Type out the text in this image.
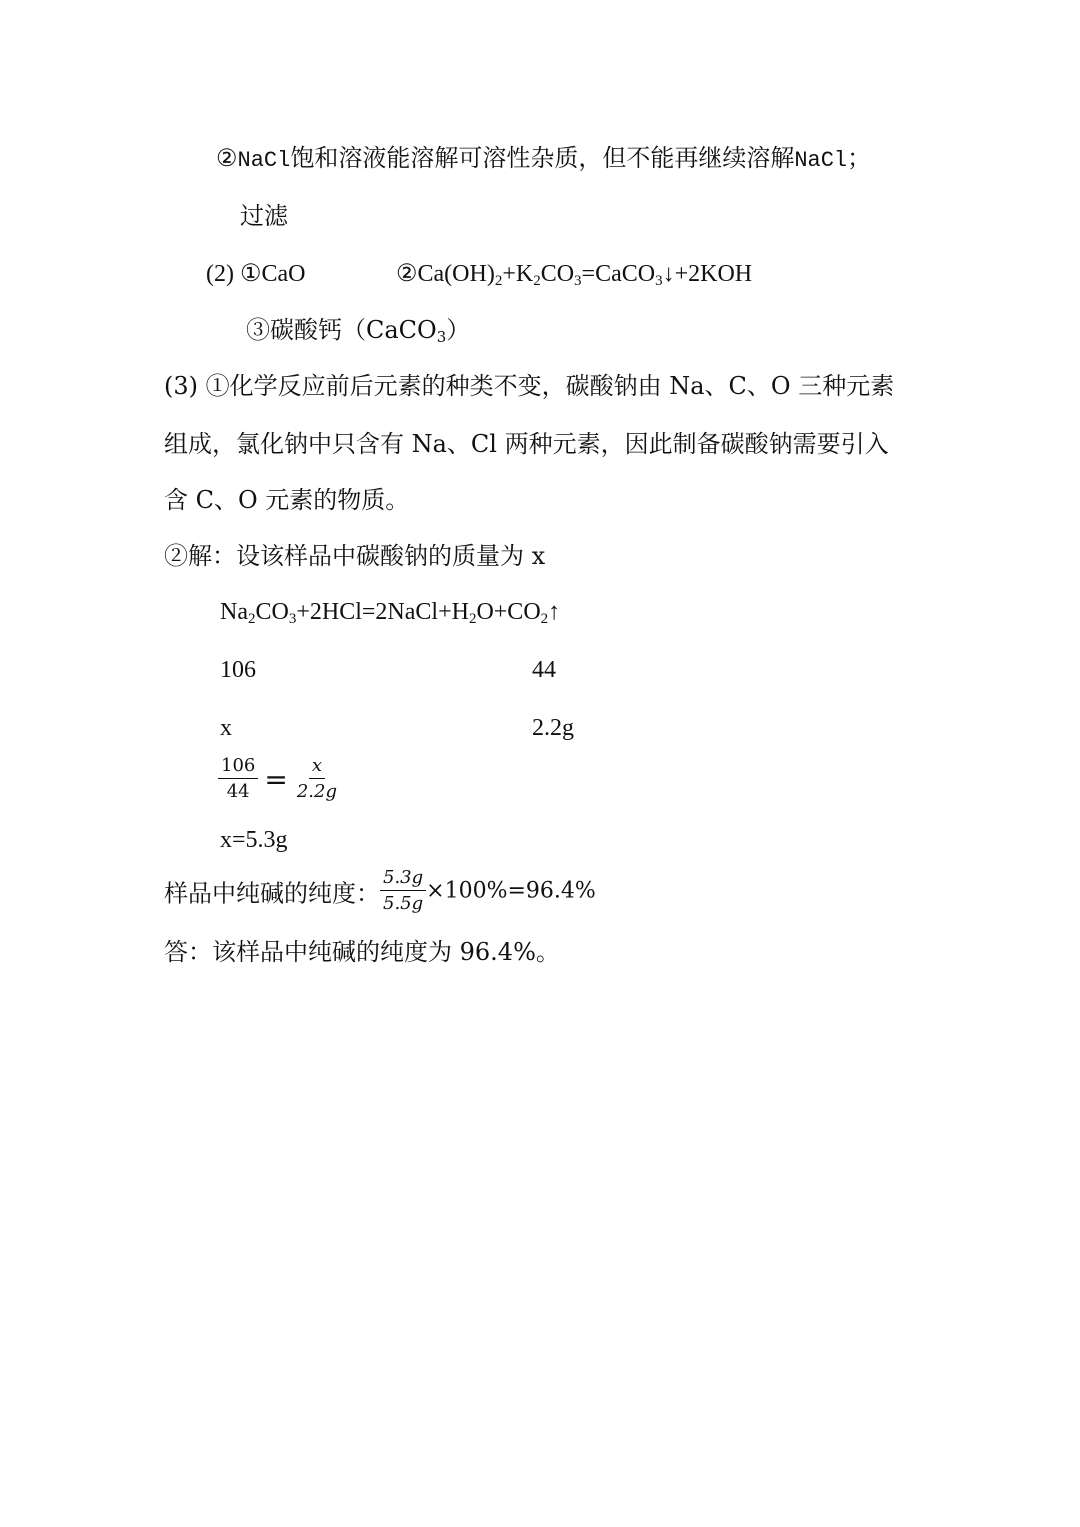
②NaCl饱和溶液能溶解可溶性杂质，但不能再继续溶解NaCl；
过滤
(2) ①CaO	$②Ca(OH)_2+K_2CO_3=CaCO_3↓+2KOH$
③碳酸钙（CaCO$_3$）
(3) ①化学反应前后元素的种类不变，碳酸钠由 Na、C、O 三种元素
组成，氯化钠中只含有 Na、Cl 两种元素，因此制备碳酸钠需要引入
含 C、O 元素的物质。
②解：设该样品中碳酸钠的质量为 x
$Na_2CO_3+2HCl=2NaCl+H_2O+CO_2↑$
106	44
x	2.2g
$\frac{106}{44} = \frac{x}{2.2g}$
x=5.3g
样品中纯碱的纯度： $\frac{5.3g}{5.5g} \times 100\%=96.4\%$
答：该样品中纯碱的纯度为 96.4%。
